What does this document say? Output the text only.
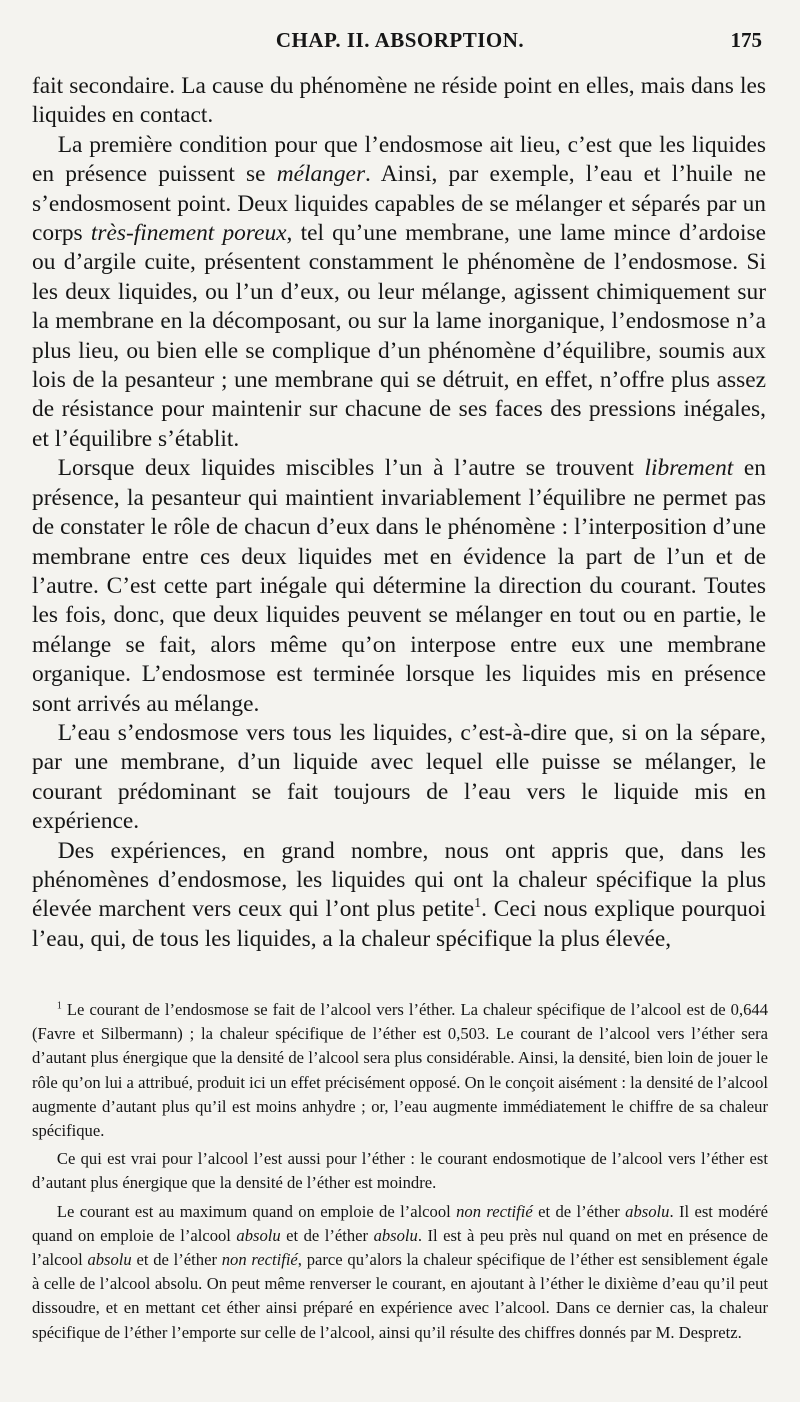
CHAP. II. ABSORPTION.	175

fait secondaire. La cause du phénomène ne réside point en elles, mais dans les liquides en contact.

La première condition pour que l’endosmose ait lieu, c’est que les liquides en présence puissent se mélanger. Ainsi, par exemple, l’eau et l’huile ne s’endosmosent point. Deux liquides capables de se mélanger et séparés par un corps très-finement poreux, tel qu’une membrane, une lame mince d’ardoise ou d’argile cuite, présentent constamment le phénomène de l’endosmose. Si les deux liquides, ou l’un d’eux, ou leur mélange, agissent chimiquement sur la membrane en la décomposant, ou sur la lame inorganique, l’endosmose n’a plus lieu, ou bien elle se complique d’un phénomène d’équilibre, soumis aux lois de la pesanteur ; une membrane qui se détruit, en effet, n’offre plus assez de résistance pour maintenir sur chacune de ses faces des pressions inégales, et l’équilibre s’établit.

Lorsque deux liquides miscibles l’un à l’autre se trouvent librement en présence, la pesanteur qui maintient invariablement l’équilibre ne permet pas de constater le rôle de chacun d’eux dans le phénomène : l’interposition d’une membrane entre ces deux liquides met en évidence la part de l’un et de l’autre. C’est cette part inégale qui détermine la direction du courant. Toutes les fois, donc, que deux liquides peuvent se mélanger en tout ou en partie, le mélange se fait, alors même qu’on interpose entre eux une membrane organique. L’endosmose est terminée lorsque les liquides mis en présence sont arrivés au mélange.

L’eau s’endosmose vers tous les liquides, c’est-à-dire que, si on la sépare, par une membrane, d’un liquide avec lequel elle puisse se mélanger, le courant prédominant se fait toujours de l’eau vers le liquide mis en expérience.

Des expériences, en grand nombre, nous ont appris que, dans les phénomènes d’endosmose, les liquides qui ont la chaleur spécifique la plus élevée marchent vers ceux qui l’ont plus petite$^1$. Ceci nous explique pourquoi l’eau, qui, de tous les liquides, a la chaleur spécifique la plus élevée,

$^1$ Le courant de l’endosmose se fait de l’alcool vers l’éther. La chaleur spécifique de l’alcool est de 0,644 (Favre et Silbermann) ; la chaleur spécifique de l’éther est 0,503. Le courant de l’alcool vers l’éther sera d’autant plus énergique que la densité de l’alcool sera plus considérable. Ainsi, la densité, bien loin de jouer le rôle qu’on lui a attribué, produit ici un effet précisément opposé. On le conçoit aisément : la densité de l’alcool augmente d’autant plus qu’il est moins anhydre ; or, l’eau augmente immédiatement le chiffre de sa chaleur spécifique.

Ce qui est vrai pour l’alcool l’est aussi pour l’éther : le courant endosmotique de l’alcool vers l’éther est d’autant plus énergique que la densité de l’éther est moindre.

Le courant est au maximum quand on emploie de l’alcool non rectifié et de l’éther absolu. Il est modéré quand on emploie de l’alcool absolu et de l’éther absolu. Il est à peu près nul quand on met en présence de l’alcool absolu et de l’éther non rectifié, parce qu’alors la chaleur spécifique de l’éther est sensiblement égale à celle de l’alcool absolu. On peut même renverser le courant, en ajoutant à l’éther le dixième d’eau qu’il peut dissoudre, et en mettant cet éther ainsi préparé en expérience avec l’alcool. Dans ce dernier cas, la chaleur spécifique de l’éther l’emporte sur celle de l’alcool, ainsi qu’il résulte des chiffres donnés par M. Despretz.
